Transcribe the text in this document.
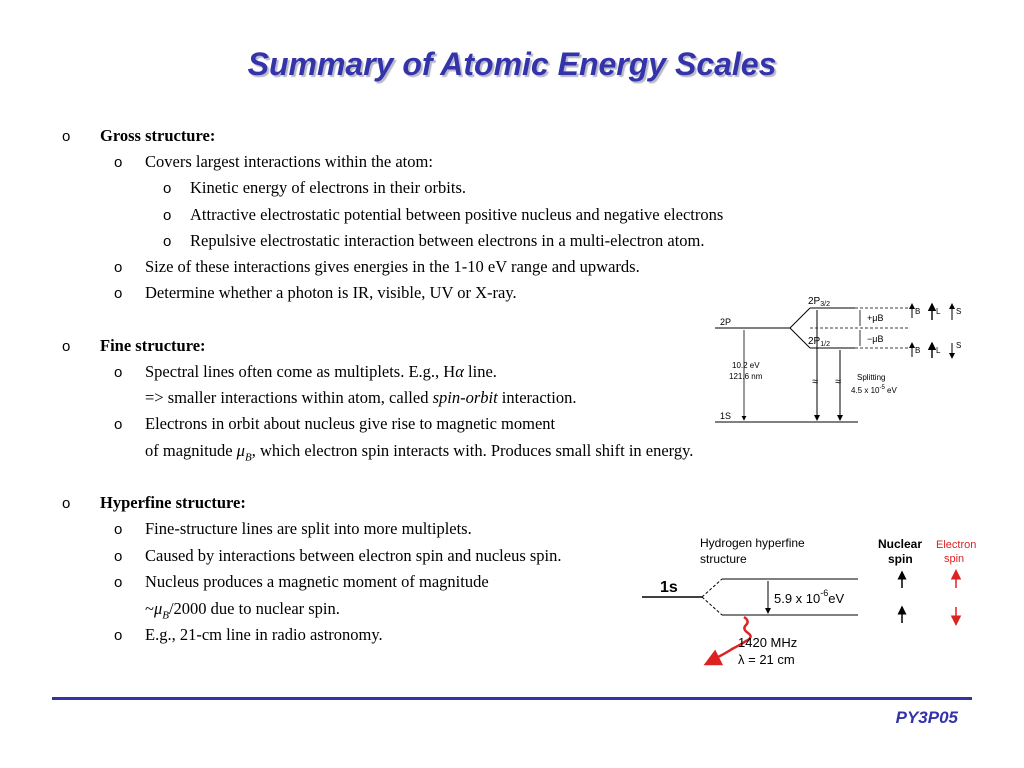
Summary of Atomic Energy Scales
o Gross structure:
o Covers largest interactions within the atom:
o Kinetic energy of electrons in their orbits.
o Attractive electrostatic potential between positive nucleus and negative electrons
o Repulsive electrostatic interaction between electrons in a multi-electron atom.
o Size of these interactions gives energies in the 1-10 eV range and upwards.
o Determine whether a photon is IR, visible, UV or X-ray.
o Fine structure:
o Spectral lines often come as multiplets. E.g., Hα line.
=> smaller interactions within atom, called spin-orbit interaction.
o Electrons in orbit about nucleus give rise to magnetic moment
of magnitude $\mu_B$, which electron spin interacts with. Produces small shift in energy.
o Hyperfine structure:
o Fine-structure lines are split into more multiplets.
o Caused by interactions between electron spin and nucleus spin.
o Nucleus produces a magnetic moment of magnitude
$\sim\mu_B/2000$ due to nuclear spin.
o E.g., 21-cm line in radio astronomy.
2P
$2P_{3/2}$
$2P_{1/2}$
+μB
−μB
B L S
B L
S
10.2 eV
121.6 nm	≈ ≈ Splitting
4.5 x $10^{-5}$ eV
1S
Hydrogen hyperfine
structure
Nuclear
spin
Electron
spin
1s
5.9 x $10^{-6}eV$
1420 MHz
λ = 21 cm
PY3P05
